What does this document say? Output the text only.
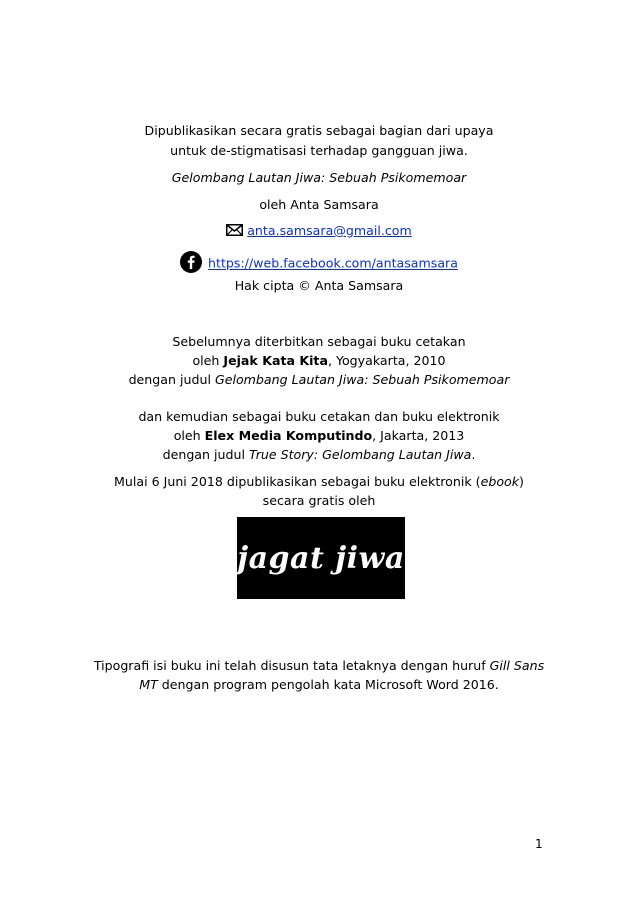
Dipublikasikan secara gratis sebagai bagian dari upaya
untuk de-stigmatisasi terhadap gangguan jiwa.
Gelombang Lautan Jiwa: Sebuah Psikomemoar
oleh Anta Samsara
anta.samsara@gmail.com
https://web.facebook.com/antasamsara
Hak cipta © Anta Samsara
Sebelumnya diterbitkan sebagai buku cetakan
oleh Jejak Kata Kita, Yogyakarta, 2010
dengan judul Gelombang Lautan Jiwa: Sebuah Psikomemoar
dan kemudian sebagai buku cetakan dan buku elektronik
oleh Elex Media Komputindo, Jakarta, 2013
dengan judul True Story: Gelombang Lautan Jiwa.
Mulai 6 Juni 2018 dipublikasikan sebagai buku elektronik (ebook)
secara gratis oleh
jagat jiwa
Tipografi isi buku ini telah disusun tata letaknya dengan huruf Gill Sans
MT dengan program pengolah kata Microsoft Word 2016.
1
